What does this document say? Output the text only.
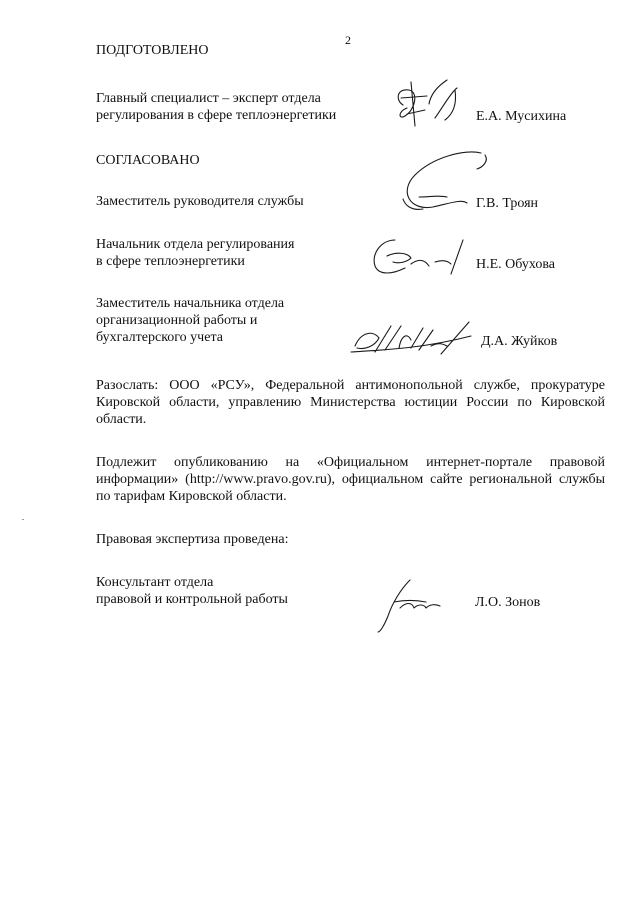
2
ПОДГОТОВЛЕНО
Главный специалист – эксперт отдела
регулирования в сфере теплоэнергетики	Е.А. Мусихина
СОГЛАСОВАНО
Заместитель руководителя службы	Г.В. Троян
Начальник отдела регулирования
в сфере теплоэнергетики	Н.Е. Обухова
Заместитель начальника отдела
организационной работы и
бухгалтерского учета	Д.А. Жуйков
Разослать: ООО «РСУ», Федеральной антимонопольной службе, прокуратуре Кировской области, управлению Министерства юстиции России по Кировской области.
Подлежит опубликованию на «Официальном интернет-портале правовой информации» (http://www.pravo.gov.ru), официальном сайте региональной службы по тарифам Кировской области.
Правовая экспертиза проведена:
Консультант отдела
правовой и контрольной работы	Л.О. Зонов
